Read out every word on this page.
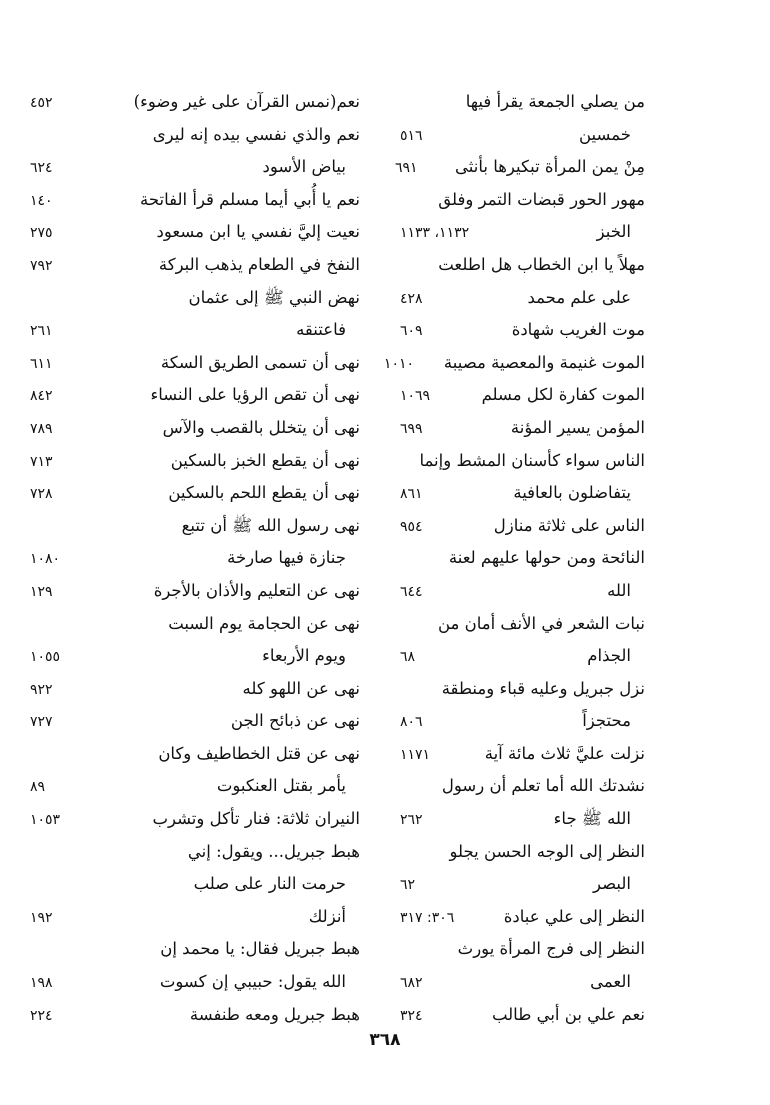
من يصلي الجمعة يقرأ فيها
خمسين
٥١٦
مِنْ يمن المرأة تبكيرها بأنثى
٦٩١
مهور الحور قبضات التمر وفلق
الخبز
١١٣٢، ١١٣٣
مهلاً يا ابن الخطاب هل اطلعت
على علم محمد
٤٢٨
موت الغريب شهادة
٦٠٩
الموت غنيمة والمعصية مصيبة
١٠١٠
الموت كفارة لكل مسلم
١٠٦٩
المؤمن يسير المؤنة
٦٩٩
الناس سواء كأسنان المشط وإنما
يتفاضلون بالعافية
٨٦١
الناس على ثلاثة منازل
٩٥٤
النائحة ومن حولها عليهم لعنة
الله
٦٤٤
نبات الشعر في الأنف أمان من
الجذام
٦٨
نزل جبريل وعليه قباء ومنطقة
محتجزاً
٨٠٦
نزلت عليَّ ثلاث مائة آية
١١٧١
نشدتك الله أما تعلم أن رسول
الله ﷺ جاء
٢٦٢
النظر إلى الوجه الحسن يجلو
البصر
٦٢
النظر إلى علي عبادة
٣٠٦: ٣١٧
النظر إلى فرج المرأة يورث
العمى
٦٨٢
نعم علي بن أبي طالب
٣٢٤
نعم(نمس القرآن على غير وضوء)
٤٥٢
نعم والذي نفسي بيده إنه ليرى
بياض الأسود
٦٢٤
نعم يا أُبي أيما مسلم قرأ الفاتحة
١٤٠
نعيت إليَّ نفسي يا ابن مسعود
٢٧٥
النفخ في الطعام يذهب البركة
٧٩٢
نهض النبي ﷺ إلى عثمان
فاعتنقه
٢٦١
نهى أن تسمى الطريق السكة
٦١١
نهى أن تقص الرؤيا على النساء
٨٤٢
نهى أن يتخلل بالقصب والآس
٧٨٩
نهى أن يقطع الخبز بالسكين
٧١٣
نهى أن يقطع اللحم بالسكين
٧٢٨
نهى رسول الله ﷺ أن تتبع
جنازة فيها صارخة
١٠٨٠
نهى عن التعليم والأذان بالأجرة
١٢٩
نهى عن الحجامة يوم السبت
ويوم الأربعاء
١٠٥٥
نهى عن اللهو كله
٩٢٢
نهى عن ذبائح الجن
٧٢٧
نهى عن قتل الخطاطيف وكان
يأمر بقتل العنكبوت
٨٩
النيران ثلاثة: فنار تأكل وتشرب
١٠٥٣
هبط جبريل... ويقول: إني
حرمت النار على صلب
أنزلك
١٩٢
هبط جبريل فقال: يا محمد إن
الله يقول: حبيبي إن كسوت
١٩٨
هبط جبريل ومعه طنفسة
٢٢٤
٣٦٨
